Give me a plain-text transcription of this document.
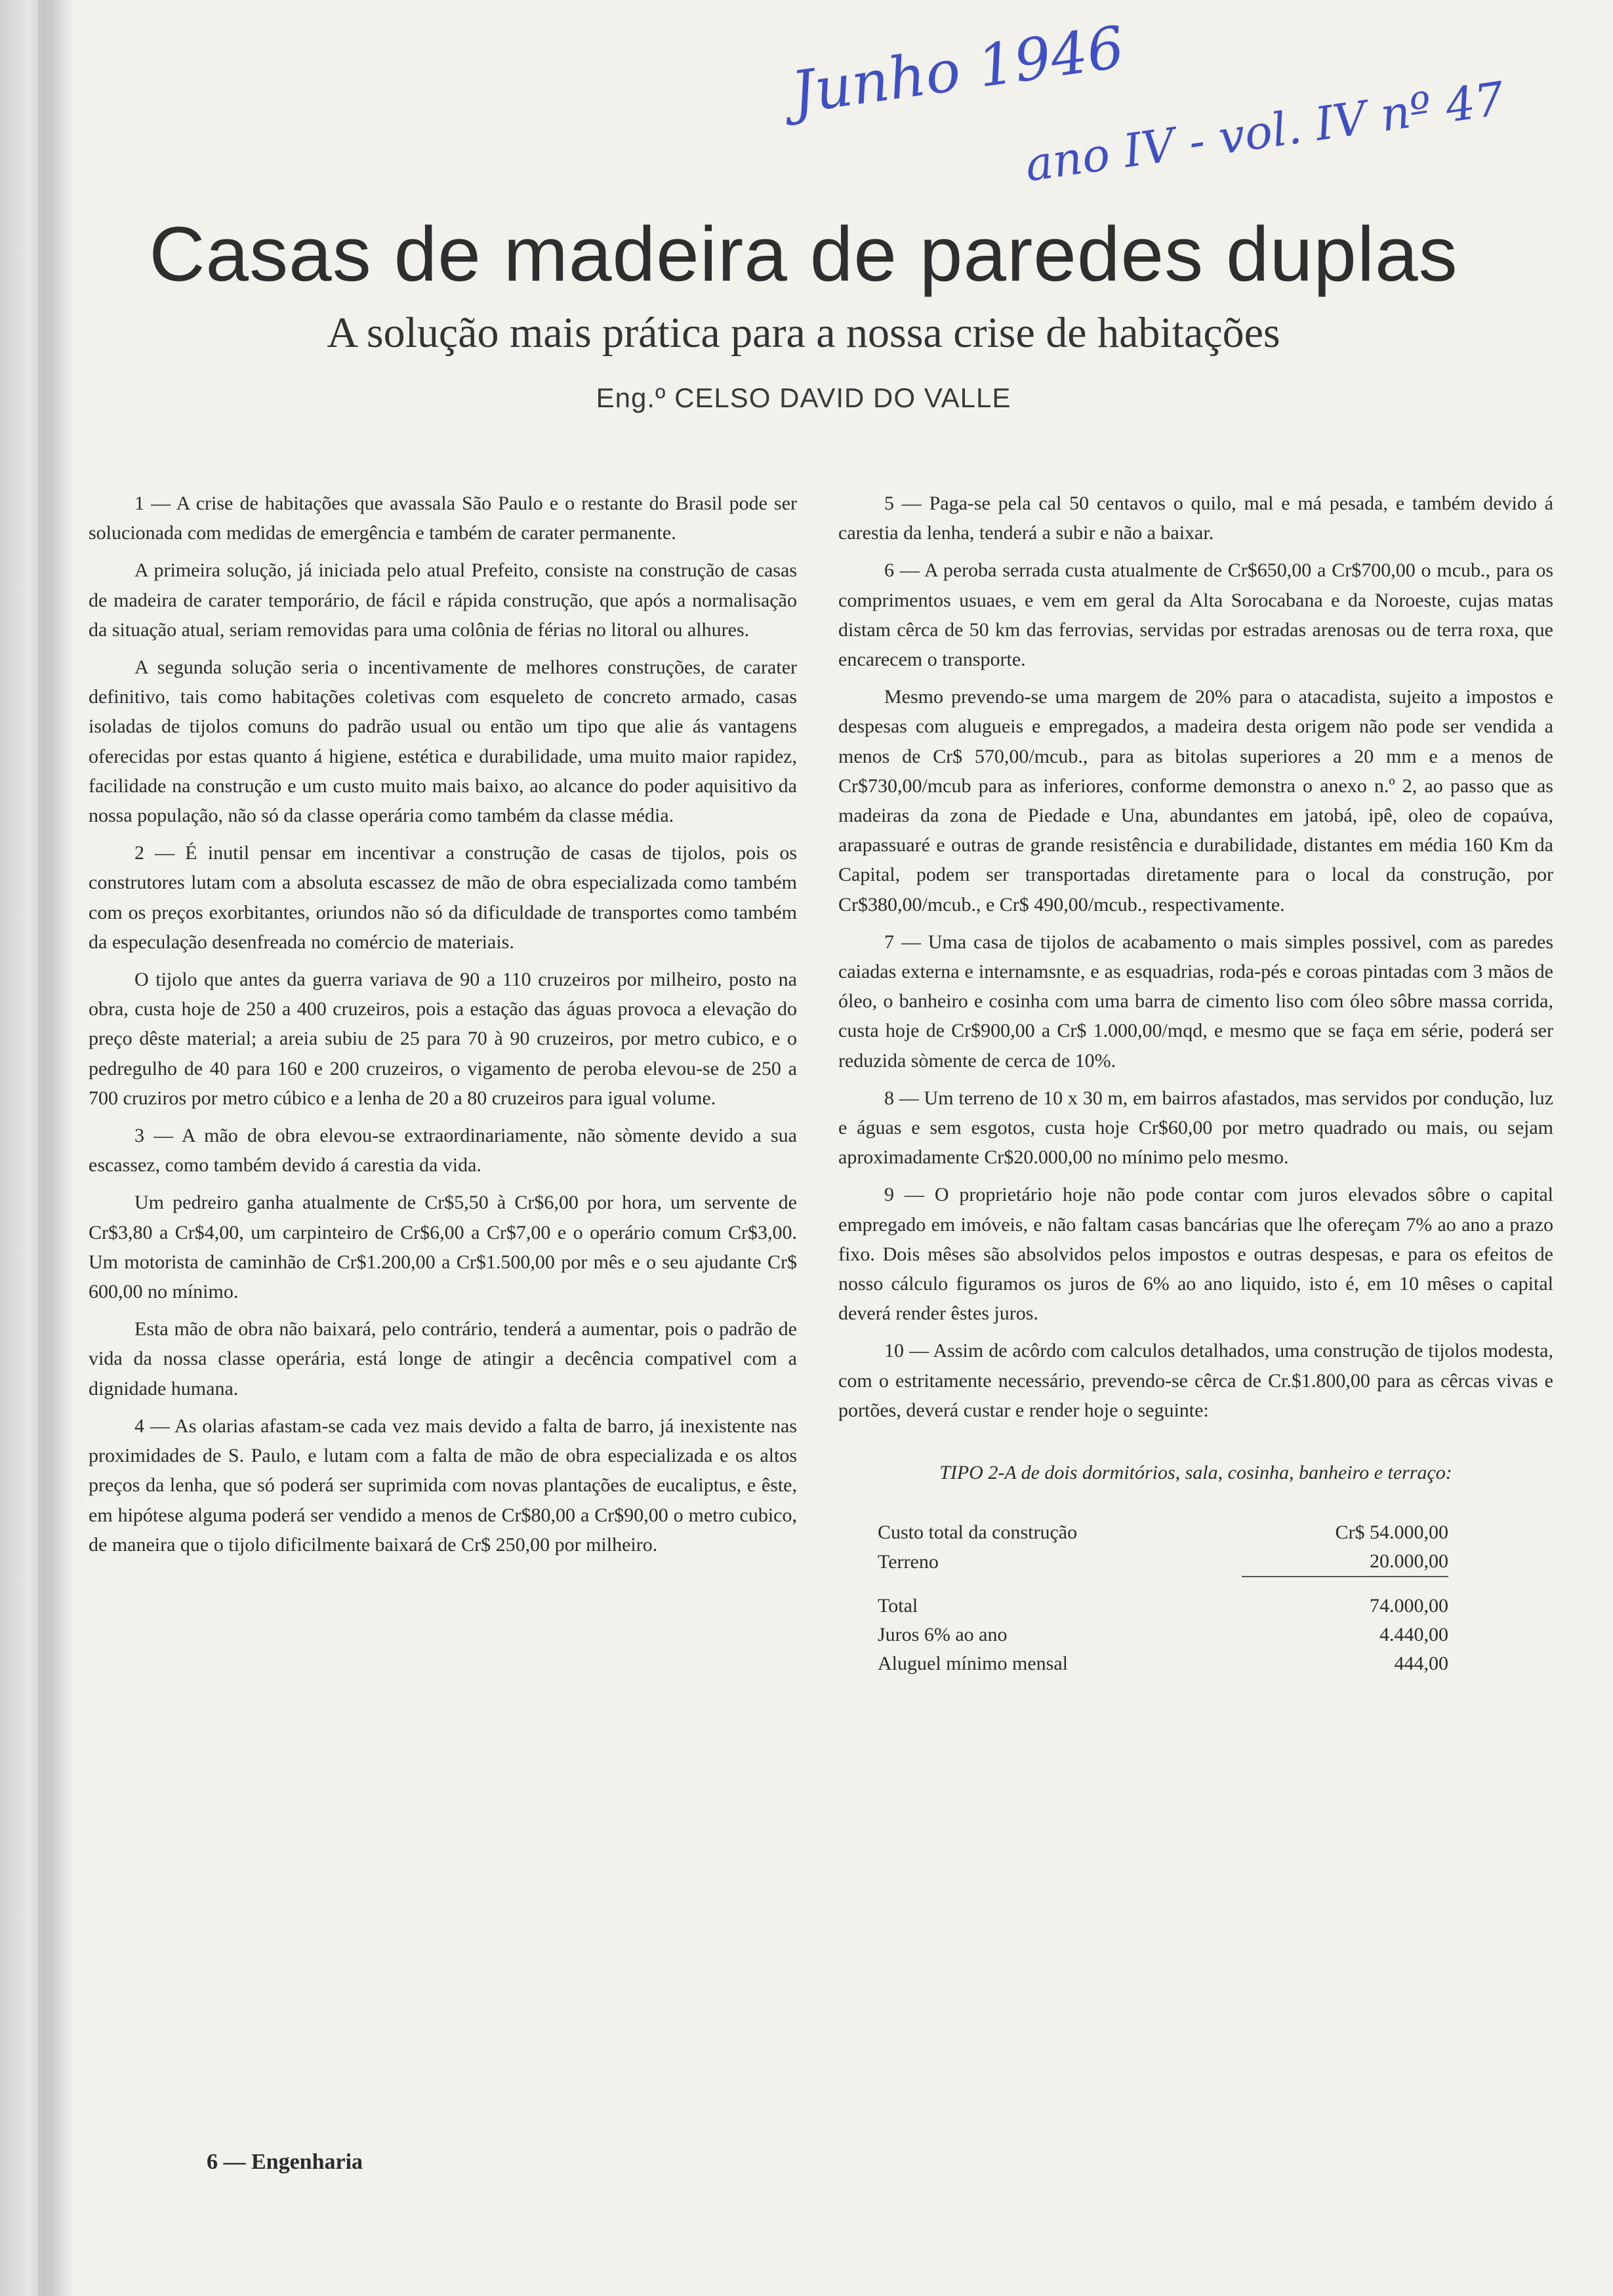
Junho 1946
ano IV - vol. IV nº 47
Casas de madeira de paredes duplas
A solução mais prática para a nossa crise de habitações
Eng.º CELSO DAVID DO VALLE

1 — A crise de habitações que avassala São Paulo e o restante do Brasil pode ser solucionada com medidas de emergência e também de carater permanente.

A primeira solução, já iniciada pelo atual Prefeito, consiste na construção de casas de madeira de carater temporário, de fácil e rápida construção, que após a normalisação da situação atual, seriam removidas para uma colônia de férias no litoral ou alhures.

A segunda solução seria o incentivamente de melhores construções, de carater definitivo, tais como habitações coletivas com esqueleto de concreto armado, casas isoladas de tijolos comuns do padrão usual ou então um tipo que alie ás vantagens oferecidas por estas quanto á higiene, estética e durabilidade, uma muito maior rapidez, facilidade na construção e um custo muito mais baixo, ao alcance do poder aquisitivo da nossa população, não só da classe operária como também da classe média.

2 — É inutil pensar em incentivar a construção de casas de tijolos, pois os construtores lutam com a absoluta escassez de mão de obra especializada como também com os preços exorbitantes, oriundos não só da dificuldade de transportes como também da especulação desenfreada no comércio de materiais.

O tijolo que antes da guerra variava de 90 a 110 cruzeiros por milheiro, posto na obra, custa hoje de 250 a 400 cruzeiros, pois a estação das águas provoca a elevação do preço dêste material; a areia subiu de 25 para 70 à 90 cruzeiros, por metro cubico, e o pedregulho de 40 para 160 e 200 cruzeiros, o vigamento de peroba elevou-se de 250 a 700 cruziros por metro cúbico e a lenha de 20 a 80 cruzeiros para igual volume.

3 — A mão de obra elevou-se extraordinariamente, não sòmente devido a sua escassez, como também devido á carestia da vida.

Um pedreiro ganha atualmente de Cr$5,50 à Cr$6,00 por hora, um servente de Cr$3,80 a Cr$4,00, um carpinteiro de Cr$6,00 a Cr$7,00 e o operário comum Cr$3,00. Um motorista de caminhão de Cr$1.200,00 a Cr$1.500,00 por mês e o seu ajudante Cr$ 600,00 no mínimo.

Esta mão de obra não baixará, pelo contrário, tenderá a aumentar, pois o padrão de vida da nossa classe operária, está longe de atingir a decência compativel com a dignidade humana.

4 — As olarias afastam-se cada vez mais devido a falta de barro, já inexistente nas proximidades de S. Paulo, e lutam com a falta de mão de obra especializada e os altos preços da lenha, que só poderá ser suprimida com novas plantações de eucaliptus, e êste, em hipótese alguma poderá ser vendido a menos de Cr$80,00 a Cr$90,00 o metro cubico, de maneira que o tijolo dificilmente baixará de Cr$ 250,00 por milheiro.

5 — Paga-se pela cal 50 centavos o quilo, mal e má pesada, e também devido á carestia da lenha, tenderá a subir e não a baixar.

6 — A peroba serrada custa atualmente de Cr$650,00 a Cr$700,00 o mcub., para os comprimentos usuaes, e vem em geral da Alta Sorocabana e da Noroeste, cujas matas distam cêrca de 50 km das ferrovias, servidas por estradas arenosas ou de terra roxa, que encarecem o transporte.

Mesmo prevendo-se uma margem de 20% para o atacadista, sujeito a impostos e despesas com alugueis e empregados, a madeira desta origem não pode ser vendida a menos de Cr$ 570,00/mcub., para as bitolas superiores a 20 mm e a menos de Cr$730,00/mcub para as inferiores, conforme demonstra o anexo n.º 2, ao passo que as madeiras da zona de Piedade e Una, abundantes em jatobá, ipê, oleo de copaúva, arapassuaré e outras de grande resistência e durabilidade, distantes em média 160 Km da Capital, podem ser transportadas diretamente para o local da construção, por Cr$380,00/mcub., e Cr$ 490,00/mcub., respectivamente.

7 — Uma casa de tijolos de acabamento o mais simples possivel, com as paredes caiadas externa e internamsnte, e as esquadrias, roda-pés e coroas pintadas com 3 mãos de óleo, o banheiro e cosinha com uma barra de cimento liso com óleo sôbre massa corrida, custa hoje de Cr$900,00 a Cr$ 1.000,00/mqd, e mesmo que se faça em série, poderá ser reduzida sòmente de cerca de 10%.

8 — Um terreno de 10 x 30 m, em bairros afastados, mas servidos por condução, luz e águas e sem esgotos, custa hoje Cr$60,00 por metro quadrado ou mais, ou sejam aproximadamente Cr$20.000,00 no mínimo pelo mesmo.

9 — O proprietário hoje não pode contar com juros elevados sôbre o capital empregado em imóveis, e não faltam casas bancárias que lhe ofereçam 7% ao ano a prazo fixo. Dois mêses são absolvidos pelos impostos e outras despesas, e para os efeitos de nosso cálculo figuramos os juros de 6% ao ano liquido, isto é, em 10 mêses o capital deverá render êstes juros.

10 — Assim de acôrdo com calculos detalhados, uma construção de tijolos modesta, com o estritamente necessário, prevendo-se cêrca de Cr.$1.800,00 para as cêrcas vivas e portões, deverá custar e render hoje o seguinte:

TIPO 2-A de dois dormitórios, sala, cosinha, banheiro e terraço:
Custo total da construção	Cr$ 54.000,00
Terreno	20.000,00
Total	74.000,00
Juros 6% ao ano	4.440,00
Aluguel mínimo mensal	444,00
6 — Engenharia
